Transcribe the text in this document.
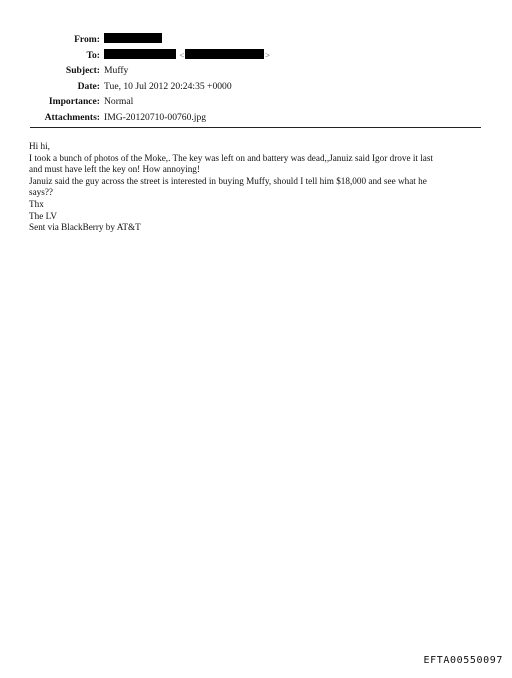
From:
To:	<	>
Subject: Muffy
Date: Tue, 10 Jul 2012 20:24:35 +0000
Importance: Normal
Attachments: IMG-20120710-00760.jpg
Hi hi,
I took a bunch of photos of the Moke,. The key was left on and battery was dead,,Januiz said Igor drove it last
and must have left the key on! How annoying!
Januiz said the guy across the street is interested in buying Muffy, should I tell him $18,000 and see what he
says??
Thx
The LV
Sent via BlackBerry by AT&T
EFTA00550097
